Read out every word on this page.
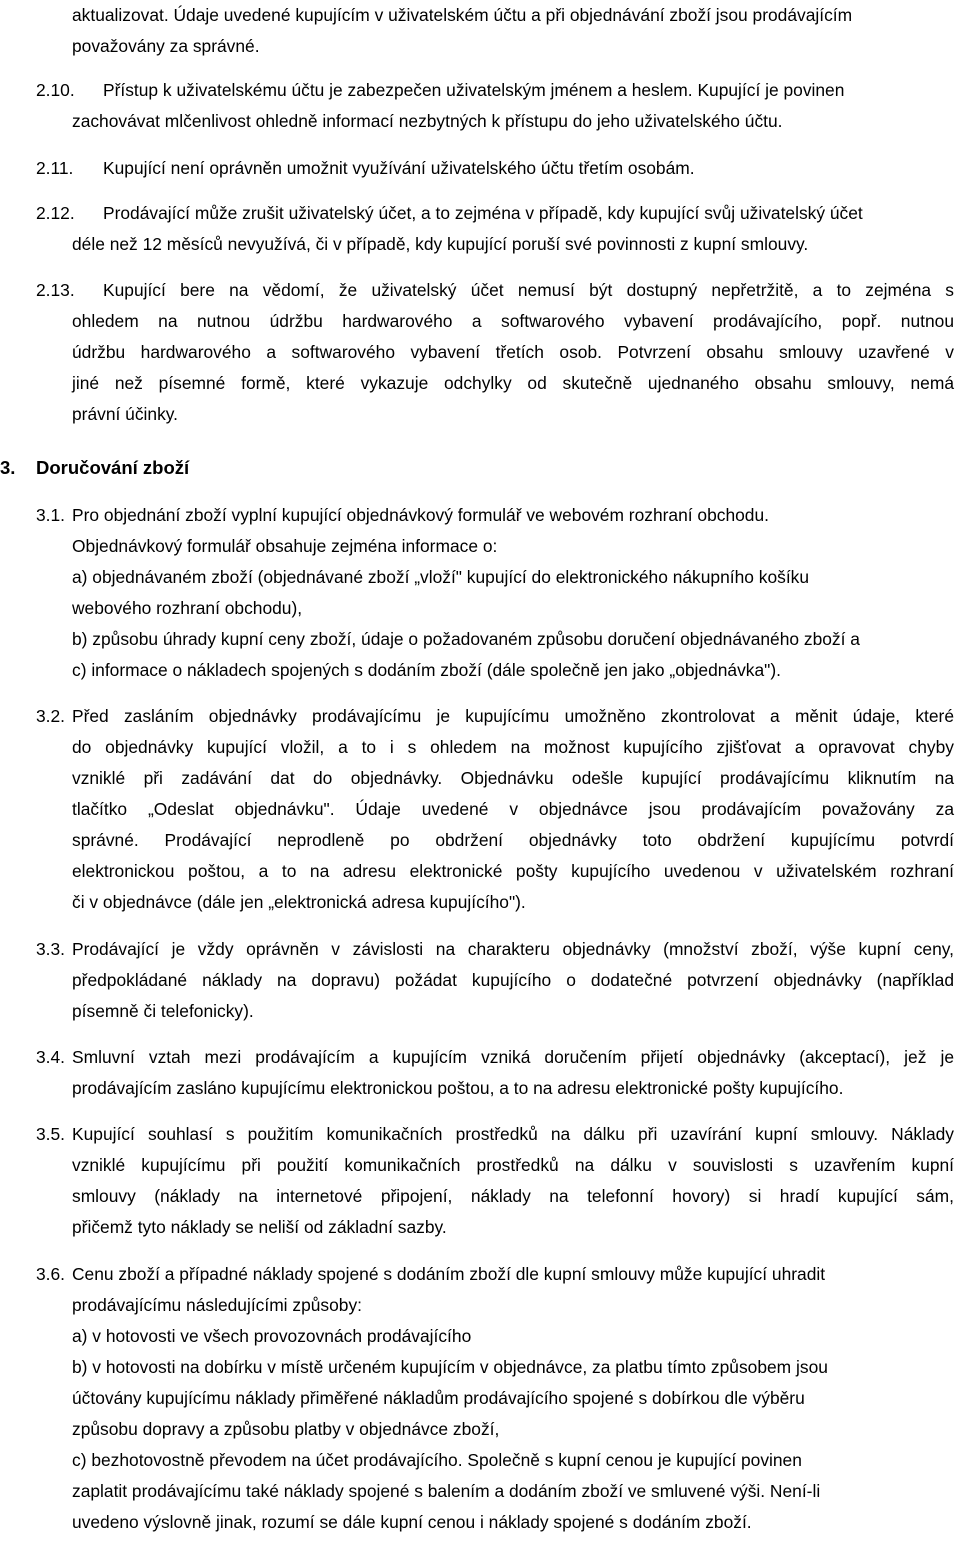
aktualizovat. Údaje uvedené kupujícím v uživatelském účtu a při objednávání zboží jsou prodávajícím
považovány za správné.
2.10. Přístup k uživatelskému účtu je zabezpečen uživatelským jménem a heslem. Kupující je povinen
zachovávat mlčenlivost ohledně informací nezbytných k přístupu do jeho uživatelského účtu.
2.11. Kupující není oprávněn umožnit využívání uživatelského účtu třetím osobám.
2.12. Prodávající může zrušit uživatelský účet, a to zejména v případě, kdy kupující svůj uživatelský účet
déle než 12 měsíců nevyužívá, či v případě, kdy kupující poruší své povinnosti z kupní smlouvy.
2.13. Kupující bere na vědomí, že uživatelský účet nemusí být dostupný nepřetržitě, a to zejména s
ohledem na nutnou údržbu hardwarového a softwarového vybavení prodávajícího, popř. nutnou
údržbu hardwarového a softwarového vybavení třetích osob. Potvrzení obsahu smlouvy uzavřené v
jiné než písemné formě, které vykazuje odchylky od skutečně ujednaného obsahu smlouvy, nemá
právní účinky.
3. Doručování zboží
3.1. Pro objednání zboží vyplní kupující objednávkový formulář ve webovém rozhraní obchodu.
Objednávkový formulář obsahuje zejména informace o:
a) objednávaném zboží (objednávané zboží „vloží" kupující do elektronického nákupního košíku
webového rozhraní obchodu),
b) způsobu úhrady kupní ceny zboží, údaje o požadovaném způsobu doručení objednávaného zboží a
c) informace o nákladech spojených s dodáním zboží (dále společně jen jako „objednávka").
3.2. Před zasláním objednávky prodávajícímu je kupujícímu umožněno zkontrolovat a měnit údaje, které
do objednávky kupující vložil, a to i s ohledem na možnost kupujícího zjišťovat a opravovat chyby
vzniklé při zadávání dat do objednávky. Objednávku odešle kupující prodávajícímu kliknutím na
tlačítko „Odeslat objednávku". Údaje uvedené v objednávce jsou prodávajícím považovány za
správné. Prodávající neprodleně po obdržení objednávky toto obdržení kupujícímu potvrdí
elektronickou poštou, a to na adresu elektronické pošty kupujícího uvedenou v uživatelském rozhraní
či v objednávce (dále jen „elektronická adresa kupujícího").
3.3. Prodávající je vždy oprávněn v závislosti na charakteru objednávky (množství zboží, výše kupní ceny,
předpokládané náklady na dopravu) požádat kupujícího o dodatečné potvrzení objednávky (například
písemně či telefonicky).
3.4. Smluvní vztah mezi prodávajícím a kupujícím vzniká doručením přijetí objednávky (akceptací), jež je
prodávajícím zasláno kupujícímu elektronickou poštou, a to na adresu elektronické pošty kupujícího.
3.5. Kupující souhlasí s použitím komunikačních prostředků na dálku při uzavírání kupní smlouvy. Náklady
vzniklé kupujícímu při použití komunikačních prostředků na dálku v souvislosti s uzavřením kupní
smlouvy (náklady na internetové připojení, náklady na telefonní hovory) si hradí kupující sám,
přičemž tyto náklady se neliší od základní sazby.
3.6. Cenu zboží a případné náklady spojené s dodáním zboží dle kupní smlouvy může kupující uhradit
prodávajícímu následujícími způsoby:
a) v hotovosti ve všech provozovnách prodávajícího
b) v hotovosti na dobírku v místě určeném kupujícím v objednávce, za platbu tímto způsobem jsou
účtovány kupujícímu náklady přiměřené nákladům prodávajícího spojené s dobírkou dle výběru
způsobu dopravy a způsobu platby v objednávce zboží,
c) bezhotovostně převodem na účet prodávajícího. Společně s kupní cenou je kupující povinen
zaplatit prodávajícímu také náklady spojené s balením a dodáním zboží ve smluvené výši. Není-li
uvedeno výslovně jinak, rozumí se dále kupní cenou i náklady spojené s dodáním zboží.
